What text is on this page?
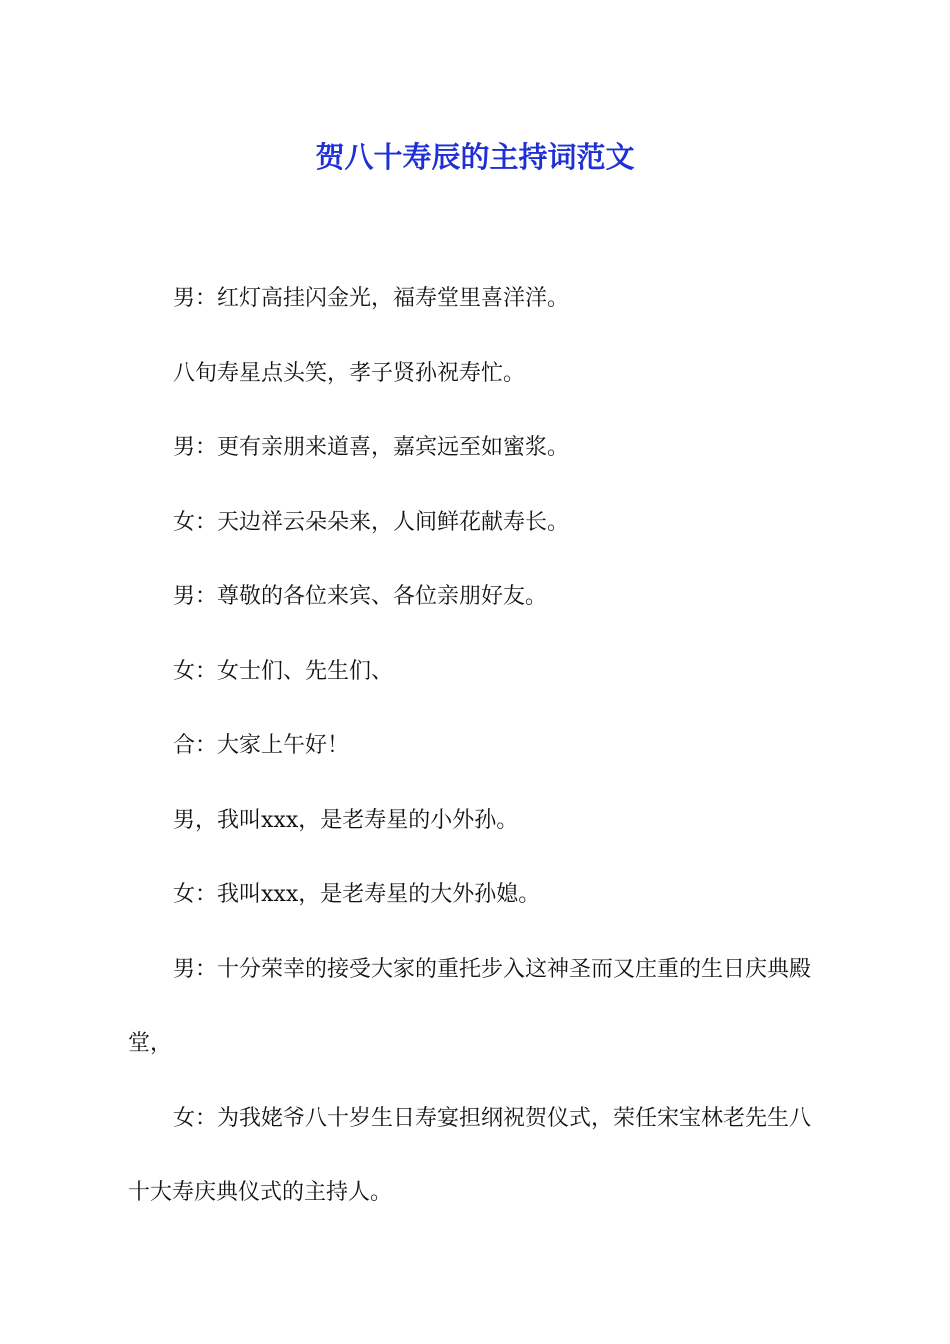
贺八十寿辰的主持词范文

男：红灯高挂闪金光，福寿堂里喜洋洋。

八旬寿星点头笑，孝子贤孙祝寿忙。

男：更有亲朋来道喜，嘉宾远至如蜜浆。

女：天边祥云朵朵来，人间鲜花献寿长。

男：尊敬的各位来宾、各位亲朋好友。

女：女士们、先生们、

合：大家上午好！

男，我叫xxx，是老寿星的小外孙。

女：我叫xxx，是老寿星的大外孙媳。

男：十分荣幸的接受大家的重托步入这神圣而又庄重的生日庆典殿堂，

女：为我姥爷八十岁生日寿宴担纲祝贺仪式，荣任宋宝林老先生八十大寿庆典仪式的主持人。
